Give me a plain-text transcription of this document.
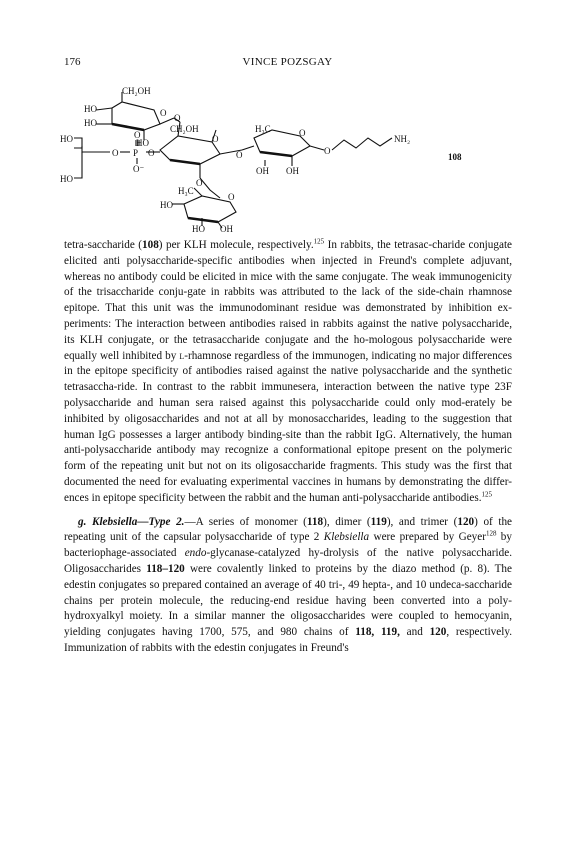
176	VINCE POZSGAY
CH₂OH
HO
HO
HO
CH₂OH
O O
HO	O
P
O⁻
O	O
HO
O
H₃C	O
O
OH OH
O
NH₂
O
H₃C
O
HO
HO OH
108

tetra-saccharide (108) per KLH molecule, respectively.$^{125}$ In rabbits, the tetrasac-charide conjugate elicited anti polysaccharide-specific antibodies when injected in Freund's complete adjuvant, whereas no antibody could be elicited in mice with the same conjugate. The weak immunogenicity of the trisaccharide conju-gate in rabbits was attributed to the lack of the side-chain rhamnose epitope. That this unit was the immunodominant residue was demonstrated by inhibition ex-periments: The interaction between antibodies raised in rabbits against the native polysaccharide, its KLH conjugate, or the tetrasaccharide conjugate and the ho-mologous polysaccharide were equally well inhibited by l-rhamnose regardless of the immunogen, indicating no major differences in the epitope specificity of antibodies raised against the native polysaccharide and the synthetic tetrasaccha-ride. In contrast to the rabbit immunesera, interaction between the native type 23F polysaccharide and human sera raised against this polysaccharide could only mod-erately be inhibited by oligosaccharides and not at all by monosaccharides, leading to the suggestion that human IgG possesses a larger antibody binding-site than the rabbit IgG. Alternatively, the human anti-polysaccharide antibody may recognize a conformational epitope present on the polymeric form of the repeating unit but not on its oligosaccharide fragments. This study was the first that documented the need for evaluating experimental vaccines in humans by demonstrating the differ-ences in epitope specificity between the rabbit and the human anti-polysaccharide antibodies.$^{125}$

g. Klebsiella—Type 2.—A series of monomer (118), dimer (119), and trimer (120) of the repeating unit of the capsular polysaccharide of type 2 Klebsiella were prepared by Geyer$^{128}$ by bacteriophage-associated endo-glycanase-catalyzed hy-drolysis of the native polysaccharide. Oligosaccharides 118–120 were covalently linked to proteins by the diazo method (p. 8). The edestin conjugates so prepared contained an average of 40 tri-, 49 hepta-, and 10 undeca-saccharide chains per protein molecule, the reducing-end residue having been converted into a poly-hydroxyalkyl moiety. In a similar manner the oligosaccharides were coupled to hemocyanin, yielding conjugates having 1700, 575, and 980 chains of 118, 119, and 120, respectively. Immunization of rabbits with the edestin conjugates in Freund's
